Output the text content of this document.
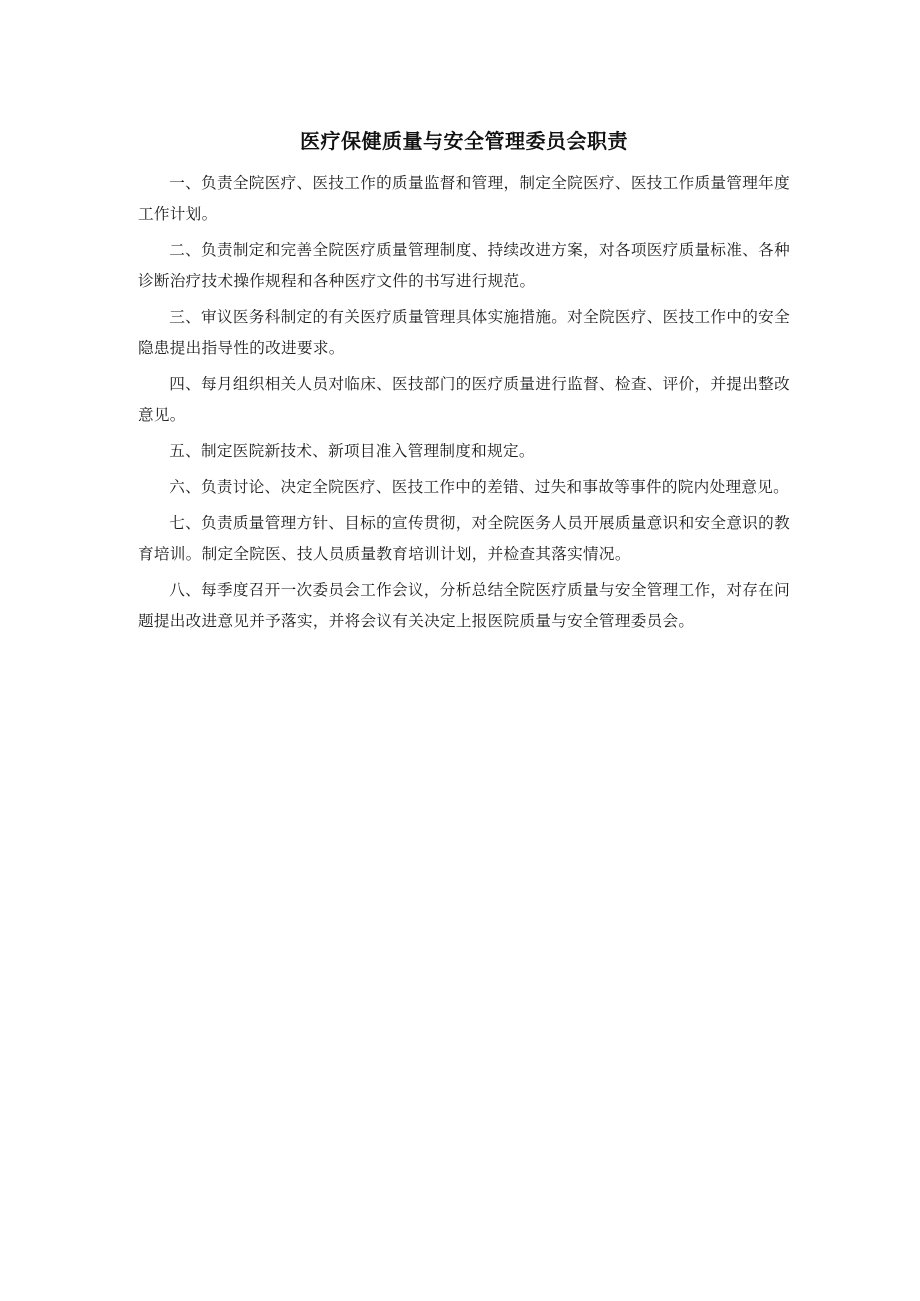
医疗保健质量与安全管理委员会职责

一、负责全院医疗、医技工作的质量监督和管理，制定全院医疗、医技工作质量管理年度工作计划。

二、负责制定和完善全院医疗质量管理制度、持续改进方案，对各项医疗质量标准、各种诊断治疗技术操作规程和各种医疗文件的书写进行规范。

三、审议医务科制定的有关医疗质量管理具体实施措施。对全院医疗、医技工作中的安全隐患提出指导性的改进要求。

四、每月组织相关人员对临床、医技部门的医疗质量进行监督、检查、评价，并提出整改意见。

五、制定医院新技术、新项目准入管理制度和规定。

六、负责讨论、决定全院医疗、医技工作中的差错、过失和事故等事件的院内处理意见。

七、负责质量管理方针、目标的宣传贯彻，对全院医务人员开展质量意识和安全意识的教育培训。制定全院医、技人员质量教育培训计划，并检查其落实情况。

八、每季度召开一次委员会工作会议，分析总结全院医疗质量与安全管理工作，对存在问题提出改进意见并予落实，并将会议有关决定上报医院质量与安全管理委员会。
